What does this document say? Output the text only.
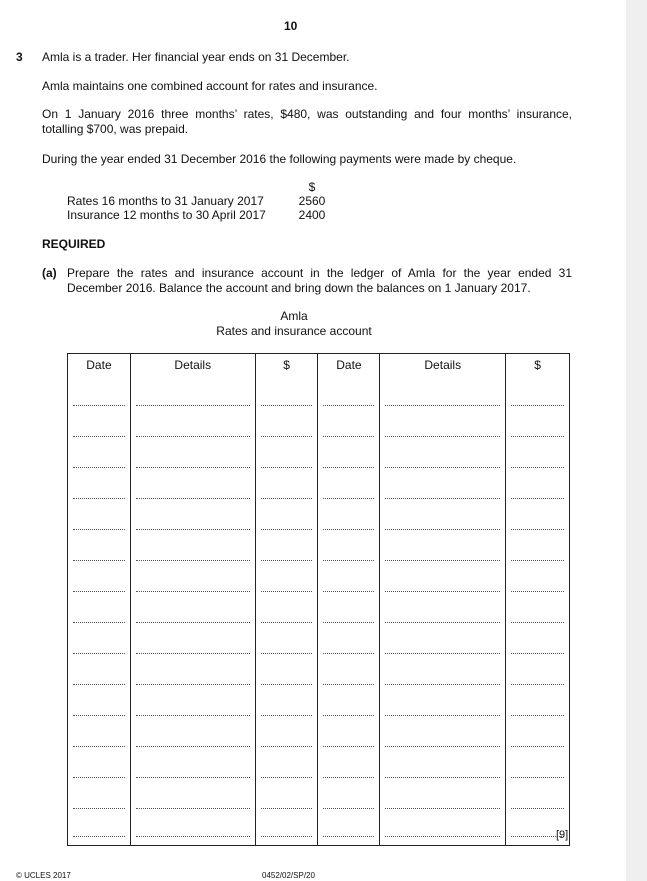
10
3 Amla is a trader. Her financial year ends on 31 December.
Amla maintains one combined account for rates and insurance.
On 1 January 2016 three months’ rates, $480, was outstanding and four months’ insurance, totalling $700, was prepaid.
During the year ended 31 December 2016 the following payments were made by cheque.
$
Rates 16 months to 31 January 2017	2560
Insurance 12 months to 30 April 2017	2400
REQUIRED
(a) Prepare the rates and insurance account in the ledger of Amla for the year ended 31 December 2016. Balance the account and bring down the balances on 1 January 2017.
Amla
Rates and insurance account
Date	Details	$	Date	Details	$

[9]
© UCLES 2017	0452/02/SP/20
